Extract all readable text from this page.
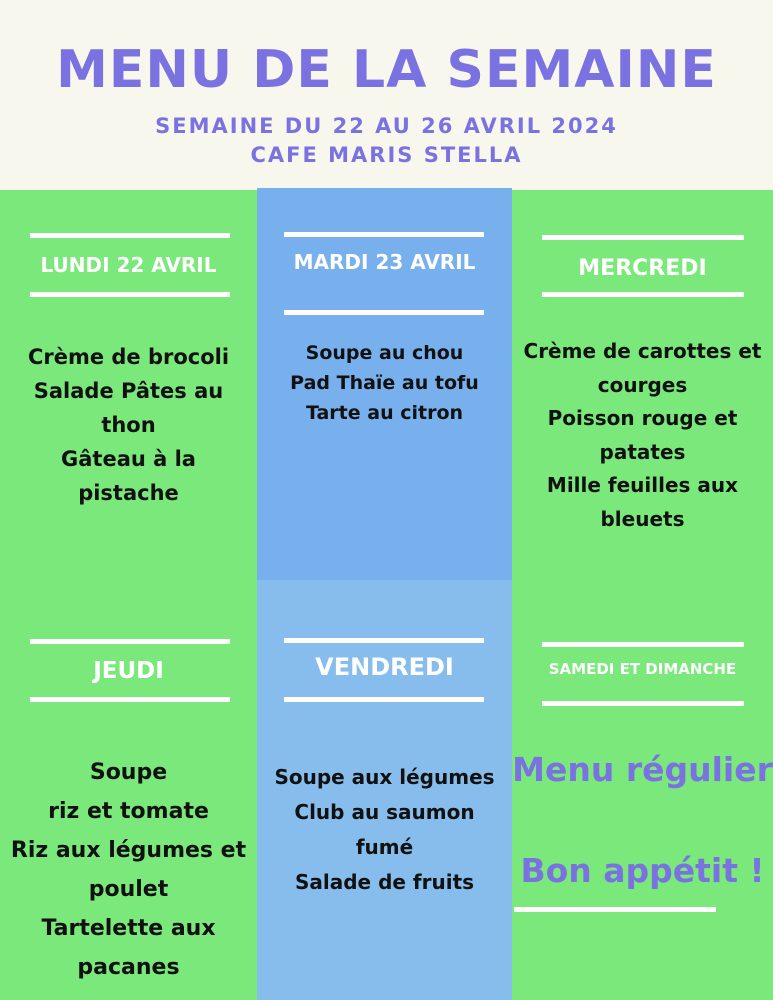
MENU DE LA SEMAINE
SEMAINE DU 22 AU 26 AVRIL 2024
CAFE MARIS STELLA
LUNDI 22 AVRIL
Crème de brocoli
Salade Pâtes au
thon
Gâteau à la
pistache
MARDI 23 AVRIL
Soupe au chou
Pad Thaïe au tofu
Tarte au citron
MERCREDI
Crème de carottes et
courges
Poisson rouge et
patates
Mille feuilles aux
bleuets
JEUDI
Soupe
riz et tomate
Riz aux légumes et
poulet
Tartelette aux
pacanes
VENDREDI
Soupe aux légumes
Club au saumon
fumé
Salade de fruits
SAMEDI ET DIMANCHE
Menu régulier
Bon appétit !
